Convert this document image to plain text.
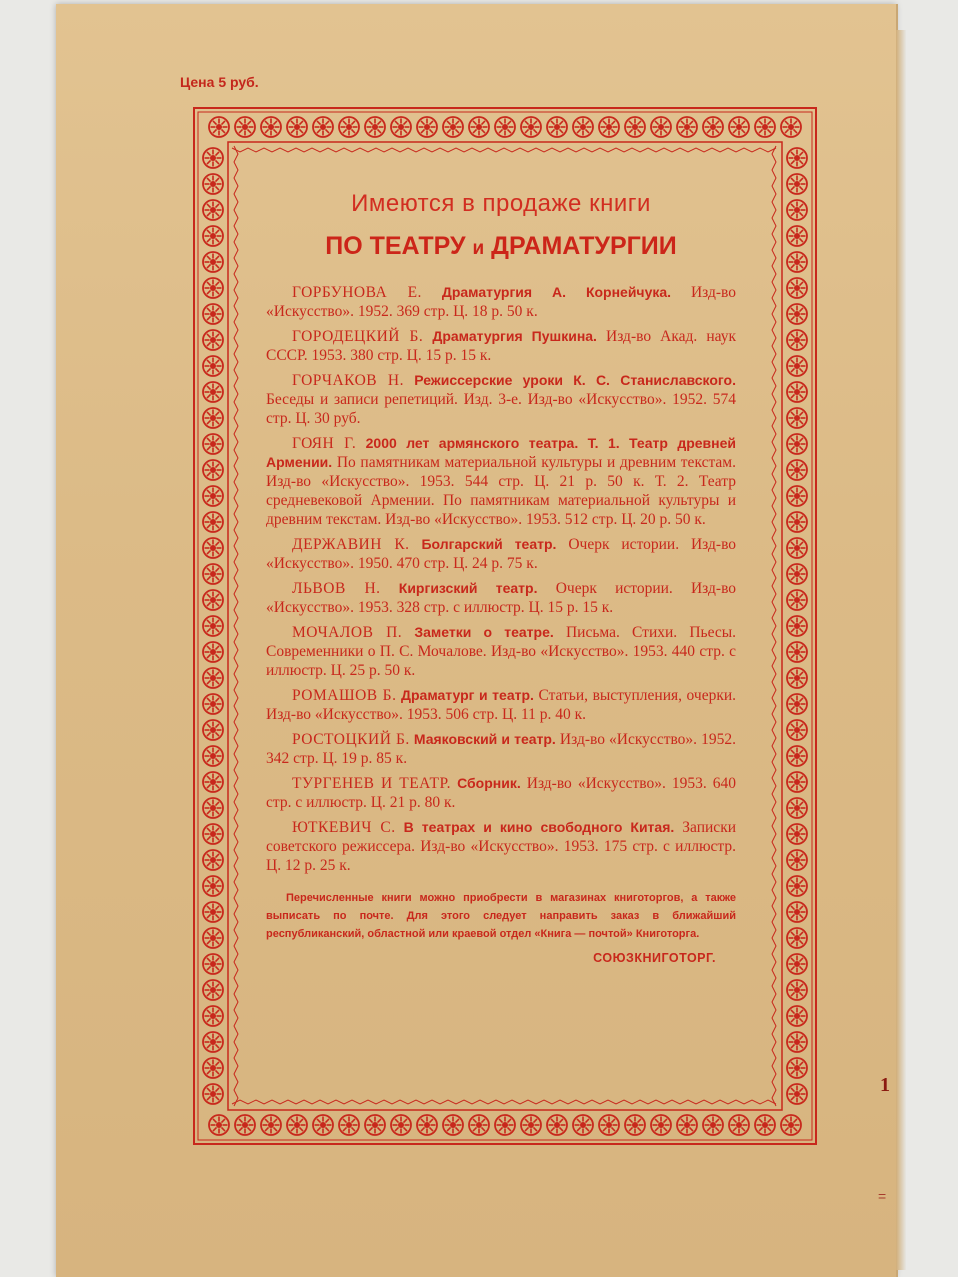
Цена 5 руб.
1
=
Имеются в продаже книги
ПО ТЕАТРУ и ДРАМАТУРГИИ

ГОРБУНОВА Е. Драматургия А. Корнейчука. Изд-во «Искусство». 1952. 369 стр. Ц. 18 р. 50 к.

ГОРОДЕЦКИЙ Б. Драматургия Пушкина. Изд-во Акад. наук СССР. 1953. 380 стр. Ц. 15 р. 15 к.

ГОРЧАКОВ Н. Режиссерские уроки К. С. Станиславского. Беседы и записи репетиций. Изд. 3-е. Изд-во «Искусство». 1952. 574 стр. Ц. 30 руб.

ГОЯН Г. 2000 лет армянского театра. Т. 1. Театр древней Армении. По памятникам материальной культуры и древним текстам. Изд-во «Искусство». 1953. 544 стр. Ц. 21 р. 50 к. Т. 2. Театр средневековой Армении. По памятникам материальной культуры и древним текстам. Изд-во «Искусство». 1953. 512 стр. Ц. 20 р. 50 к.

ДЕРЖАВИН К. Болгарский театр. Очерк истории. Изд-во «Искусство». 1950. 470 стр. Ц. 24 р. 75 к.

ЛЬВОВ Н. Киргизский театр. Очерк истории. Изд-во «Искусство». 1953. 328 стр. с иллюстр. Ц. 15 р. 15 к.

МОЧАЛОВ П. Заметки о театре. Письма. Стихи. Пьесы. Современники о П. С. Мочалове. Изд-во «Искусство». 1953. 440 стр. с иллюстр. Ц. 25 р. 50 к.

РОМАШОВ Б. Драматург и театр. Статьи, выступления, очерки. Изд-во «Искусство». 1953. 506 стр. Ц. 11 р. 40 к.

РОСТОЦКИЙ Б. Маяковский и театр. Изд-во «Искусство». 1952. 342 стр. Ц. 19 р. 85 к.

ТУРГЕНЕВ И ТЕАТР. Сборник. Изд-во «Искусство». 1953. 640 стр. с иллюстр. Ц. 21 р. 80 к.

ЮТКЕВИЧ С. В театрах и кино свободного Китая. Записки советского режиссера. Изд-во «Искусство». 1953. 175 стр. с иллюстр. Ц. 12 р. 25 к.

Перечисленные книги можно приобрести в магазинах книготоргов, а также выписать по почте. Для этого следует направить заказ в ближайший республиканский, областной или краевой отдел «Книга — почтой» Книготорга.
СОЮЗКНИГОТОРГ.
